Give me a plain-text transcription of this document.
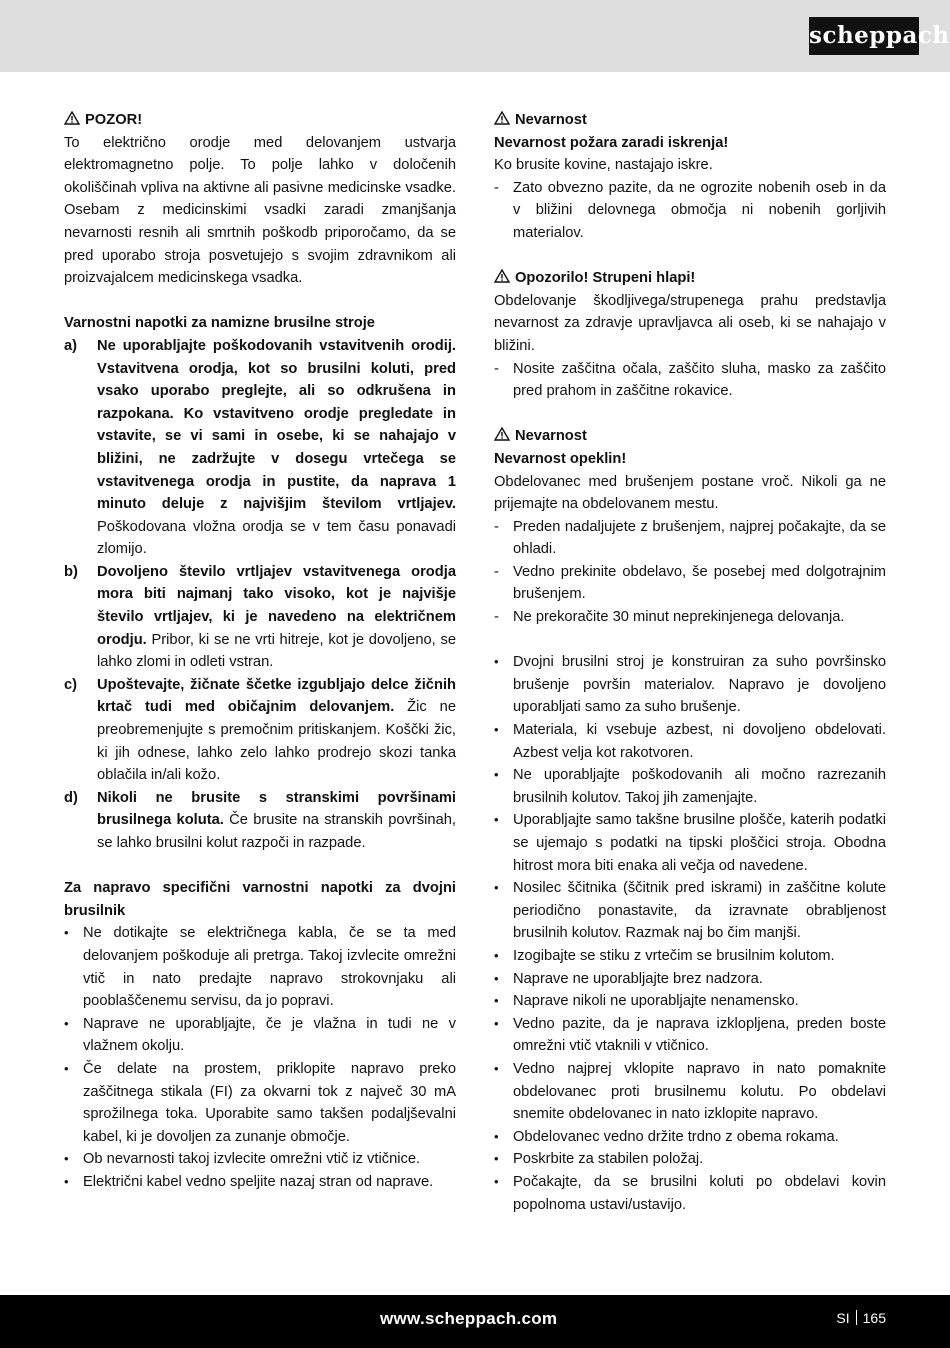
scheppach
POZOR!

To električno orodje med delovanjem ustvarja elektromagnetno polje. To polje lahko v določenih okoliščinah vpliva na aktivne ali pasivne medicinske vsadke. Osebam z medicinskimi vsadki zaradi zmanjšanja nevarnosti resnih ali smrtnih poškodb priporočamo, da se pred uporabo stroja posvetujejo s svojim zdravnikom ali proizvajalcem medicinskega vsadka.

Varnostni napotki za namizne brusilne stroje
a)	Ne uporabljajte poškodovanih vstavitvenih orodij. Vstavitvena orodja, kot so brusilni koluti, pred vsako uporabo preglejte, ali so odkrušena in razpokana. Ko vstavitveno orodje pregledate in vstavite, se vi sami in osebe, ki se nahajajo v bližini, ne zadržujte v dosegu vrtečega se vstavitvenega orodja in pustite, da naprava 1 minuto deluje z najvišjim številom vrtljajev. Poškodovana vložna orodja se v tem času ponavadi zlomijo.
b)	Dovoljeno število vrtljajev vstavitvenega orodja mora biti najmanj tako visoko, kot je najvišje število vrtljajev, ki je navedeno na električnem orodju. Pribor, ki se ne vrti hitreje, kot je dovoljeno, se lahko zlomi in odleti vstran.
c)	Upoštevajte, žičnate ščetke izgubljajo delce žičnih krtač tudi med običajnim delovanjem. Žic ne preobremenjujte s premočnim pritiskanjem. Koščki žic, ki jih odnese, lahko zelo lahko prodrejo skozi tanka oblačila in/ali kožo.
d)	Nikoli ne brusite s stranskimi površinami brusilnega koluta. Če brusite na stranskih površinah, se lahko brusilni kolut razpoči in razpade.
Za napravo specifični varnostni napotki za dvojni brusilnik
• Ne dotikajte se električnega kabla, če se ta med delovanjem poškoduje ali pretrga. Takoj izvlecite omrežni vtič in nato predajte napravo strokovnjaku ali pooblaščenemu servisu, da jo popravi.
• Naprave ne uporabljajte, če je vlažna in tudi ne v vlažnem okolju.
• Če delate na prostem, priklopite napravo preko zaščitnega stikala (FI) za okvarni tok z največ 30 mA sprožilnega toka. Uporabite samo takšen podaljševalni kabel, ki je dovoljen za zunanje območje.
• Ob nevarnosti takoj izvlecite omrežni vtič iz vtičnice.
• Električni kabel vedno speljite nazaj stran od naprave.
Nevarnost
Nevarnost požara zaradi iskrenja!

Ko brusite kovine, nastajajo iskre.

- Zato obvezno pazite, da ne ogrozite nobenih oseb in da v bližini delovnega območja ni nobenih gorljivih materialov.
Opozorilo! Strupeni hlapi!

Obdelovanje škodljivega/strupenega prahu predstavlja nevarnost za zdravje upravljavca ali oseb, ki se nahajajo v bližini.

- Nosite zaščitna očala, zaščito sluha, masko za zaščito pred prahom in zaščitne rokavice.
Nevarnost
Nevarnost opeklin!

Obdelovanec med brušenjem postane vroč. Nikoli ga ne prijemajte na obdelovanem mestu.

- Preden nadaljujete z brušenjem, najprej počakajte, da se ohladi.
- Vedno prekinite obdelavo, še posebej med dolgotrajnim brušenjem.
- Ne prekoračite 30 minut neprekinjenega delovanja.
• Dvojni brusilni stroj je konstruiran za suho površinsko brušenje površin materialov. Napravo je dovoljeno uporabljati samo za suho brušenje.
• Materiala, ki vsebuje azbest, ni dovoljeno obdelovati. Azbest velja kot rakotvoren.
• Ne uporabljajte poškodovanih ali močno razrezanih brusilnih kolutov. Takoj jih zamenjajte.
• Uporabljajte samo takšne brusilne plošče, katerih podatki se ujemajo s podatki na tipski ploščici stroja. Obodna hitrost mora biti enaka ali večja od navedene.
• Nosilec ščitnika (ščitnik pred iskrami) in zaščitne kolute periodično ponastavite, da izravnate obrabljenost brusilnih kolutov. Razmak naj bo čim manjši.
• Izogibajte se stiku z vrtečim se brusilnim kolutom.
• Naprave ne uporabljajte brez nadzora.
• Naprave nikoli ne uporabljajte nenamensko.
• Vedno pazite, da je naprava izklopljena, preden boste omrežni vtič vtaknili v vtičnico.
• Vedno najprej vklopite napravo in nato pomaknite obdelovanec proti brusilnemu kolutu. Po obdelavi snemite obdelovanec in nato izklopite napravo.
• Obdelovanec vedno držite trdno z obema rokama.
• Poskrbite za stabilen položaj.
• Počakajte, da se brusilni koluti po obdelavi kovin popolnoma ustavi/ustavijo.
www.scheppach.com	SI 165
